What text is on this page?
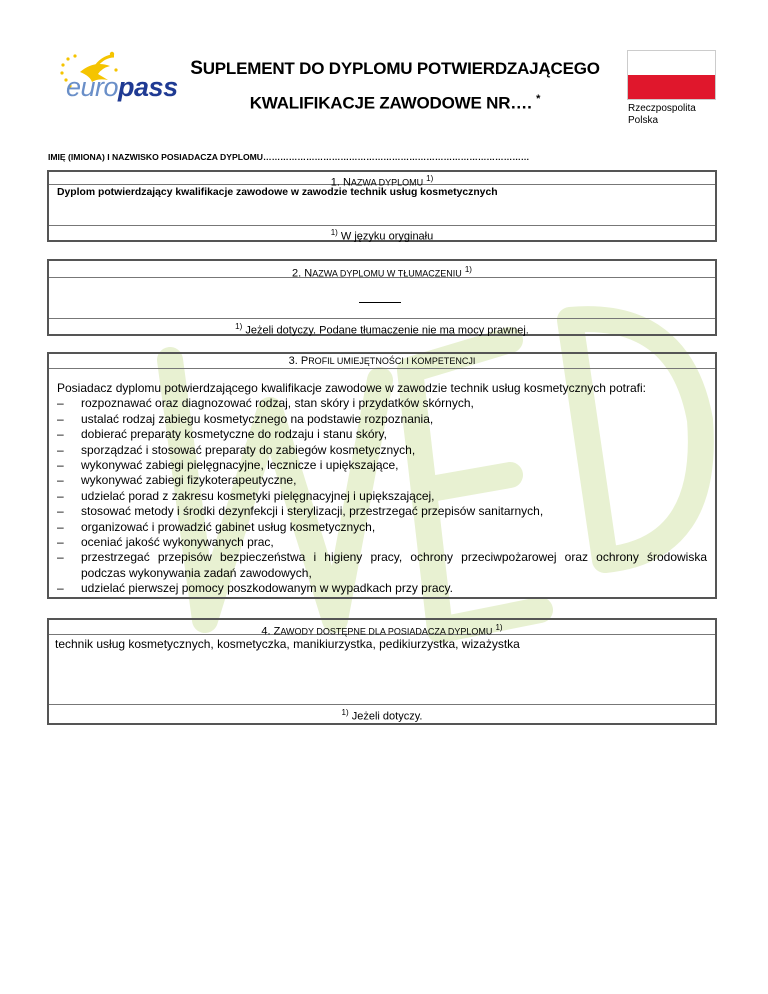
europass
SUPLEMENT DO DYPLOMU POTWIERDZAJĄCEGO
KWALIFIKACJE ZAWODOWE NR…. *
Rzeczpospolita
Polska
IMIĘ (IMIONA) I NAZWISKO POSIADACZA DYPLOMU…………………………………………………………………………………
1. NAZWA DYPLOMU $^{1)}$
Dyplom potwierdzający kwalifikacje zawodowe w zawodzie technik usług kosmetycznych
$^{1)}$ W języku oryginału
2. NAZWA DYPLOMU W TŁUMACZENIU $^{1)}$
$^{1)}$ Jeżeli dotyczy. Podane tłumaczenie nie ma mocy prawnej.
3. PROFIL UMIEJĘTNOŚCI I KOMPETENCJI
Posiadacz dyplomu potwierdzającego kwalifikacje zawodowe w zawodzie technik usług kosmetycznych potrafi:
– rozpoznawać oraz diagnozować rodzaj, stan skóry i przydatków skórnych,
– ustalać rodzaj zabiegu kosmetycznego na podstawie rozpoznania,
– dobierać preparaty kosmetyczne do rodzaju i stanu skóry,
– sporządzać i stosować preparaty do zabiegów kosmetycznych,
– wykonywać zabiegi pielęgnacyjne, lecznicze i upiększające,
– wykonywać zabiegi fizykoterapeutyczne,
– udzielać porad z zakresu kosmetyki pielęgnacyjnej i upiększającej,
– stosować metody i środki dezynfekcji i sterylizacji, przestrzegać przepisów sanitarnych,
– organizować i prowadzić gabinet usług kosmetycznych,
– oceniać jakość wykonywanych prac,
– przestrzegać przepisów bezpieczeństwa i higieny pracy, ochrony przeciwpożarowej oraz ochrony środowiska podczas wykonywania zadań zawodowych,
– udzielać pierwszej pomocy poszkodowanym w wypadkach przy pracy.
4. ZAWODY DOSTĘPNE DLA POSIADACZA DYPLOMU $^{1)}$
technik usług kosmetycznych, kosmetyczka, manikiurzystka, pedikiurzystka, wizażystka
$^{1)}$ Jeżeli dotyczy.
